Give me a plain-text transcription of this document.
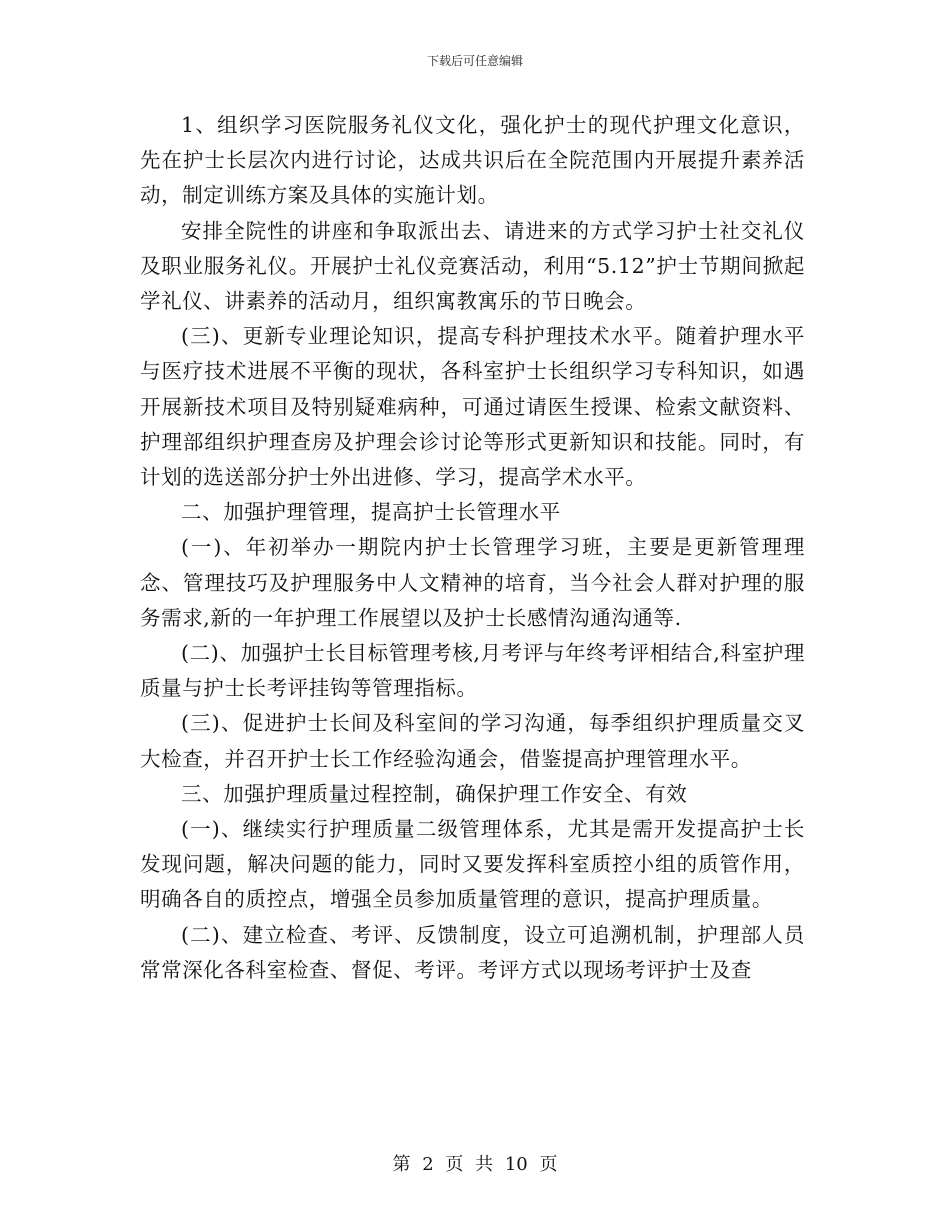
下载后可任意编辑

1、组织学习医院服务礼仪文化，强化护士的现代护理文化意识，先在护士长层次内进行讨论，达成共识后在全院范围内开展提升素养活动，制定训练方案及具体的实施计划。

安排全院性的讲座和争取派出去、请进来的方式学习护士社交礼仪及职业服务礼仪。开展护士礼仪竞赛活动，利用“5.12”护士节期间掀起学礼仪、讲素养的活动月，组织寓教寓乐的节日晚会。

(三)、更新专业理论知识，提高专科护理技术水平。随着护理水平与医疗技术进展不平衡的现状，各科室护士长组织学习专科知识，如遇开展新技术项目及特别疑难病种，可通过请医生授课、检索文献资料、护理部组织护理查房及护理会诊讨论等形式更新知识和技能。同时，有计划的选送部分护士外出进修、学习，提高学术水平。

二、加强护理管理，提高护士长管理水平

(一)、年初举办一期院内护士长管理学习班，主要是更新管理理念、管理技巧及护理服务中人文精神的培育，当今社会人群对护理的服务需求,新的一年护理工作展望以及护士长感情沟通沟通等.

(二)、加强护士长目标管理考核,月考评与年终考评相结合,科室护理质量与护士长考评挂钩等管理指标。

(三)、促进护士长间及科室间的学习沟通，每季组织护理质量交叉大检查，并召开护士长工作经验沟通会，借鉴提高护理管理水平。

三、加强护理质量过程控制，确保护理工作安全、有效

(一)、继续实行护理质量二级管理体系，尤其是需开发提高护士长发现问题，解决问题的能力，同时又要发挥科室质控小组的质管作用，明确各自的质控点，增强全员参加质量管理的意识，提高护理质量。

(二)、建立检查、考评、反馈制度，设立可追溯机制，护理部人员常常深化各科室检查、督促、考评。考评方式以现场考评护士及查

第 2 页 共 10 页
